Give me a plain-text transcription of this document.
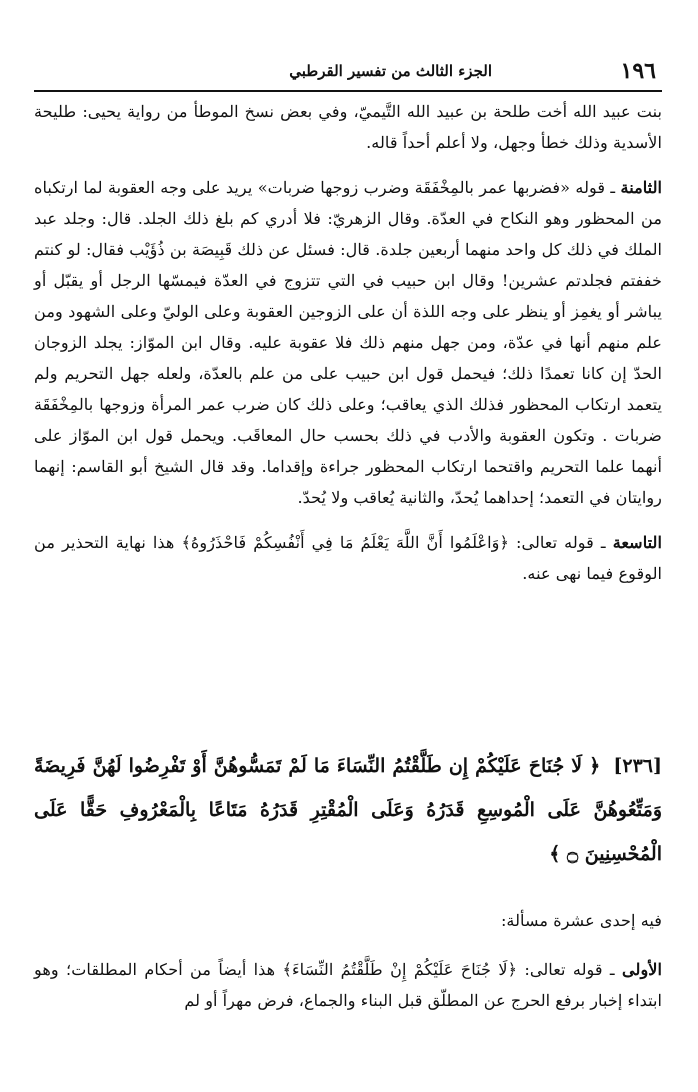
١٩٦
الجزء الثالث من تفسير القرطبي

بنت عبيد الله أخت طلحة بن عبيد الله التَّيميّ، وفي بعض نسخ الموطأ من رواية يحيى: طليحة الأسدية وذلك خطأ وجهل، ولا أعلم أحداً قاله.

الثامنة ـ قوله «فضربها عمر بالمِخْفَقَة وضرب زوجها ضربات» يريد على وجه العقوبة لما ارتكباه من المحظور وهو النكاح في العدّة. وقال الزهريّ: فلا أدري كم بلغ ذلك الجلد. قال: وجلد عبد الملك في ذلك كل واحد منهما أربعين جلدة. قال: فسئل عن ذلك قَبِيصَة بن ذُؤَيْب فقال: لو كنتم خففتم فجلدتم عشرين! وقال ابن حبيب في التي تتزوج في العدّة فيمسّها الرجل أو يقبّل أو يباشر أو يغمِز أو ينظر على وجه اللذة أن على الزوجين العقوبة وعلى الوليّ وعلى الشهود ومن علم منهم أنها في عدّة، ومن جهل منهم ذلك فلا عقوبة عليه. وقال ابن الموّاز: يجلد الزوجان الحدّ إن كانا تعمدًا ذلك؛ فيحمل قول ابن حبيب على من علم بالعدّة، ولعله جهل التحريم ولم يتعمد ارتكاب المحظور فذلك الذي يعاقب؛ وعلى ذلك كان ضرب عمر المرأة وزوجها بالمِخْفَقَة ضربات . وتكون العقوبة والأدب في ذلك بحسب حال المعاقَب. ويحمل قول ابن الموّاز على أنهما علما التحريم واقتحما ارتكاب المحظور جراءة وإقداما. وقد قال الشيخ أبو القاسم: إنهما روايتان في التعمد؛ إحداهما يُحدّ، والثانية يُعاقب ولا يُحدّ.

التاسعة ـ قوله تعالى: ﴿وَاعْلَمُوا أَنَّ اللَّهَ يَعْلَمُ مَا فِي أَنْفُسِكُمْ فَاحْذَرُوهُ﴾ هذا نهاية التحذير من الوقوع فيما نهى عنه.

[٢٣٦] ﴿ لَا جُنَاحَ عَلَيْكُمْ إِن طَلَّقْتُمُ النِّسَاءَ مَا لَمْ تَمَسُّوهُنَّ أَوْ تَفْرِضُوا لَهُنَّ فَرِيضَةً وَمَتِّعُوهُنَّ عَلَى الْمُوسِعِ قَدَرُهُ وَعَلَى الْمُقْتِرِ قَدَرُهُ مَتَاعًا بِالْمَعْرُوفِ حَقًّا عَلَى الْمُحْسِنِينَ ۝ ﴾

فيه إحدى عشرة مسألة:

الأولى ـ قوله تعالى: ﴿لَا جُنَاحَ عَلَيْكُمْ إِنْ طَلَّقْتُمُ النِّسَاءَ﴾ هذا أيضاً من أحكام المطلقات؛ وهو ابتداء إخبار برفع الحرج عن المطلّق قبل البناء والجماع، فرض مهراً أو لم
